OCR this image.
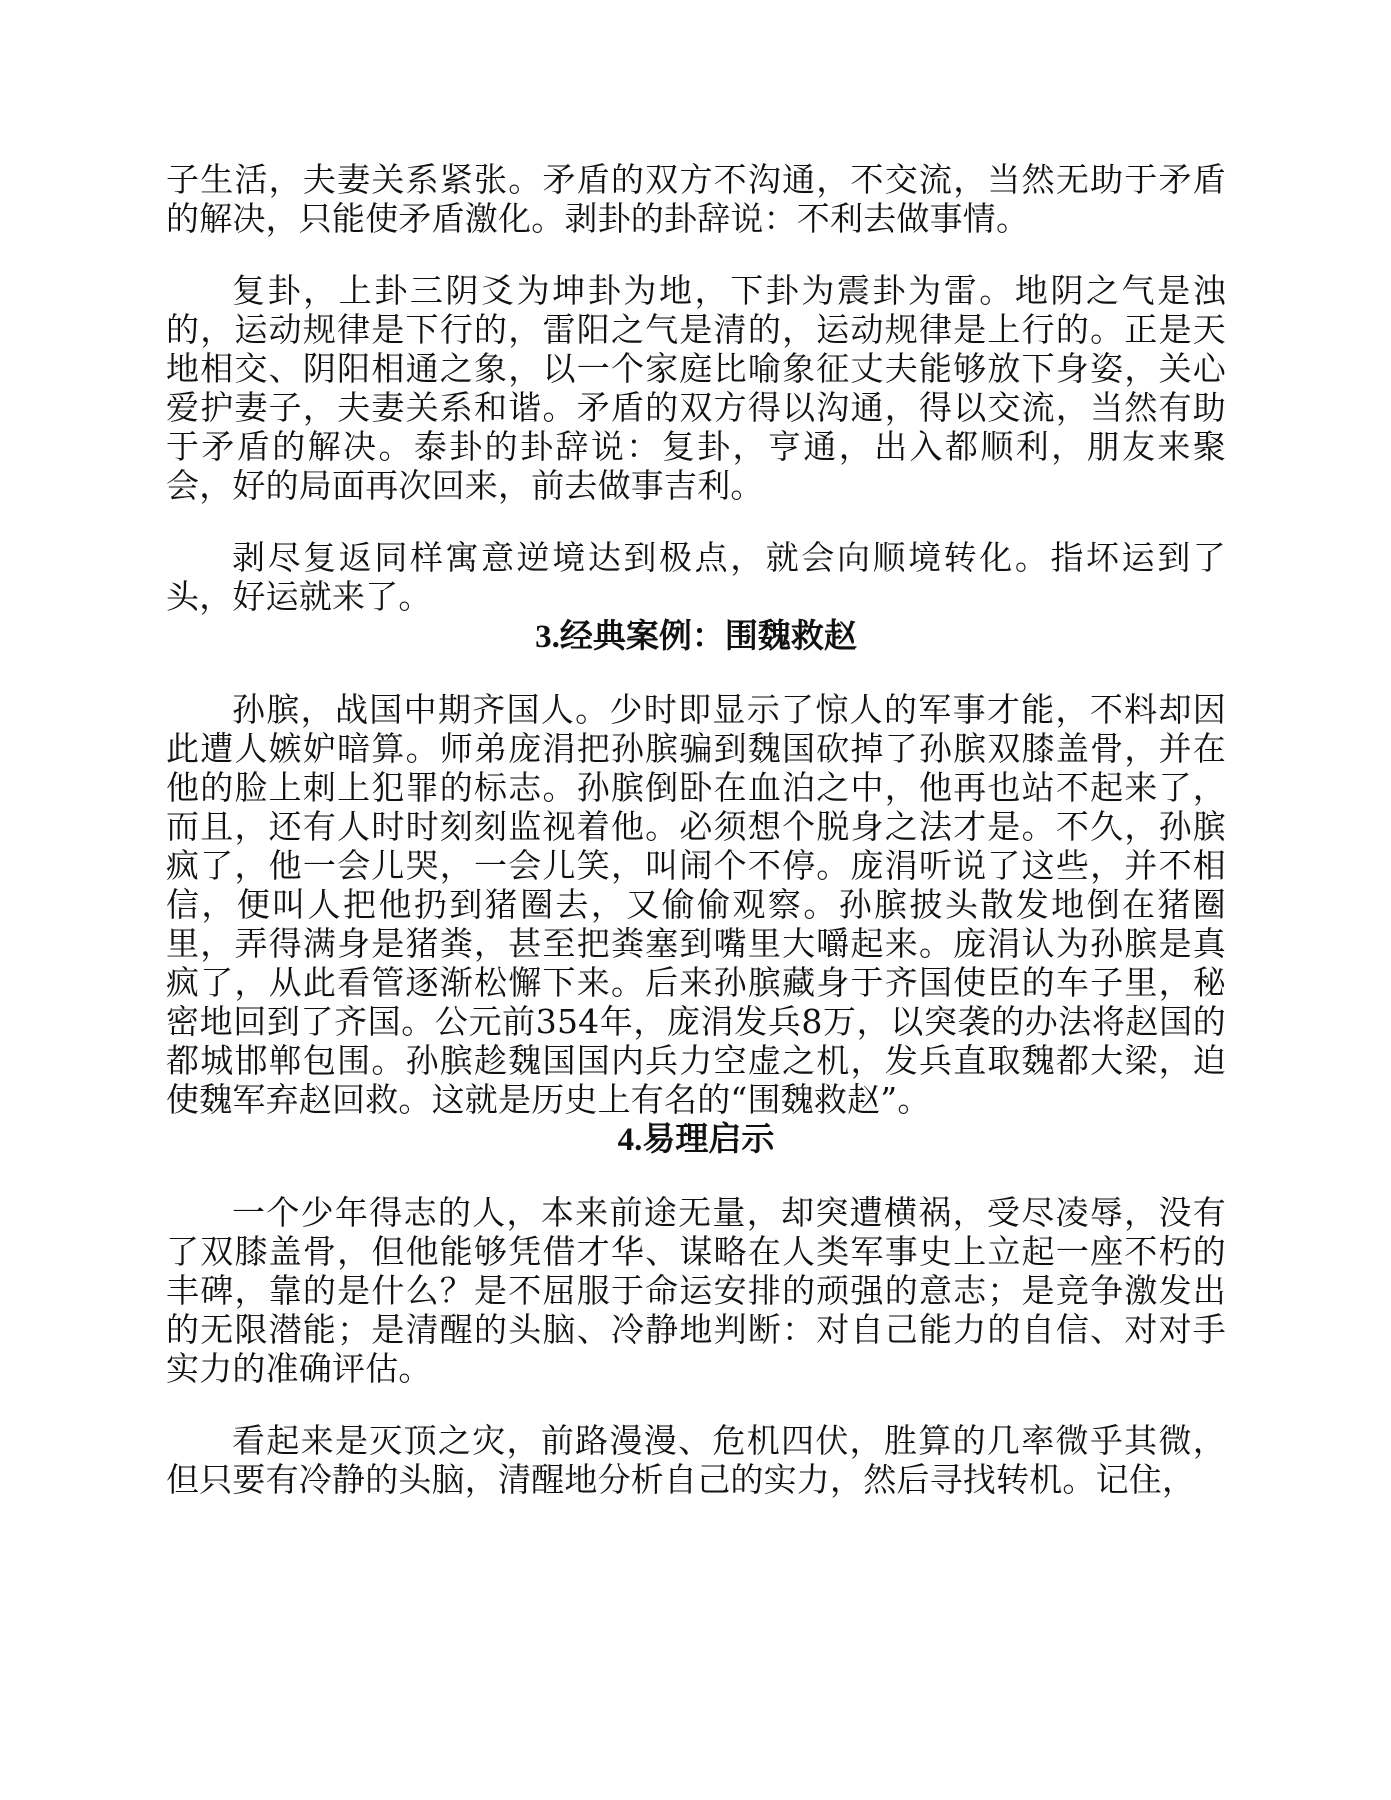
子生活，夫妻关系紧张。矛盾的双方不沟通，不交流，当然无助于矛盾的解决，只能使矛盾激化。剥卦的卦辞说：不利去做事情。

复卦，上卦三阴爻为坤卦为地，下卦为震卦为雷。地阴之气是浊的，运动规律是下行的，雷阳之气是清的，运动规律是上行的。正是天地相交、阴阳相通之象，以一个家庭比喻象征丈夫能够放下身姿，关心爱护妻子，夫妻关系和谐。矛盾的双方得以沟通，得以交流，当然有助于矛盾的解决。泰卦的卦辞说：复卦，亨通，出入都顺利，朋友来聚会，好的局面再次回来，前去做事吉利。

剥尽复返同样寓意逆境达到极点，就会向顺境转化。指坏运到了头，好运就来了。

3.经典案例：围魏救赵

孙膑，战国中期齐国人。少时即显示了惊人的军事才能，不料却因此遭人嫉妒暗算。师弟庞涓把孙膑骗到魏国砍掉了孙膑双膝盖骨，并在他的脸上刺上犯罪的标志。孙膑倒卧在血泊之中，他再也站不起来了，而且，还有人时时刻刻监视着他。必须想个脱身之法才是。不久，孙膑疯了，他一会儿哭，一会儿笑，叫闹个不停。庞涓听说了这些，并不相信，便叫人把他扔到猪圈去，又偷偷观察。孙膑披头散发地倒在猪圈里，弄得满身是猪粪，甚至把粪塞到嘴里大嚼起来。庞涓认为孙膑是真疯了，从此看管逐渐松懈下来。后来孙膑藏身于齐国使臣的车子里，秘密地回到了齐国。公元前354年，庞涓发兵8万，以突袭的办法将赵国的都城邯郸包围。孙膑趁魏国国内兵力空虚之机，发兵直取魏都大梁，迫使魏军弃赵回救。这就是历史上有名的“围魏救赵”。

4.易理启示

一个少年得志的人，本来前途无量，却突遭横祸，受尽凌辱，没有了双膝盖骨，但他能够凭借才华、谋略在人类军事史上立起一座不朽的丰碑，靠的是什么？是不屈服于命运安排的顽强的意志；是竞争激发出的无限潜能；是清醒的头脑、冷静地判断：对自己能力的自信、对对手实力的准确评估。

看起来是灭顶之灾，前路漫漫、危机四伏，胜算的几率微乎其微，但只要有冷静的头脑，清醒地分析自己的实力，然后寻找转机。记住，
